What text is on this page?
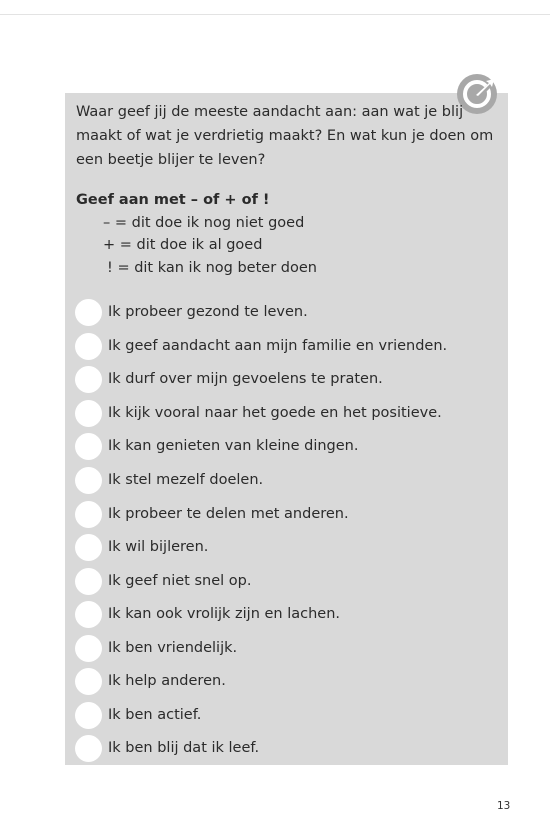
Waar geef jij de meeste aandacht aan: aan wat je blij maakt of wat je verdrietig maakt? En wat kun je doen om een beetje blijer te leven?

Geef aan met – of + of !
– = dit doe ik nog niet goed
+ = dit doe ik al goed
! = dit kan ik nog beter doen
Ik probeer gezond te leven.
Ik geef aandacht aan mijn familie en vrienden.
Ik durf over mijn gevoelens te praten.
Ik kijk vooral naar het goede en het positieve.
Ik kan genieten van kleine dingen.
Ik stel mezelf doelen.
Ik probeer te delen met anderen.
Ik wil bijleren.
Ik geef niet snel op.
Ik kan ook vrolijk zijn en lachen.
Ik ben vriendelijk.
Ik help anderen.
Ik ben actief.
Ik ben blij dat ik leef.
13
